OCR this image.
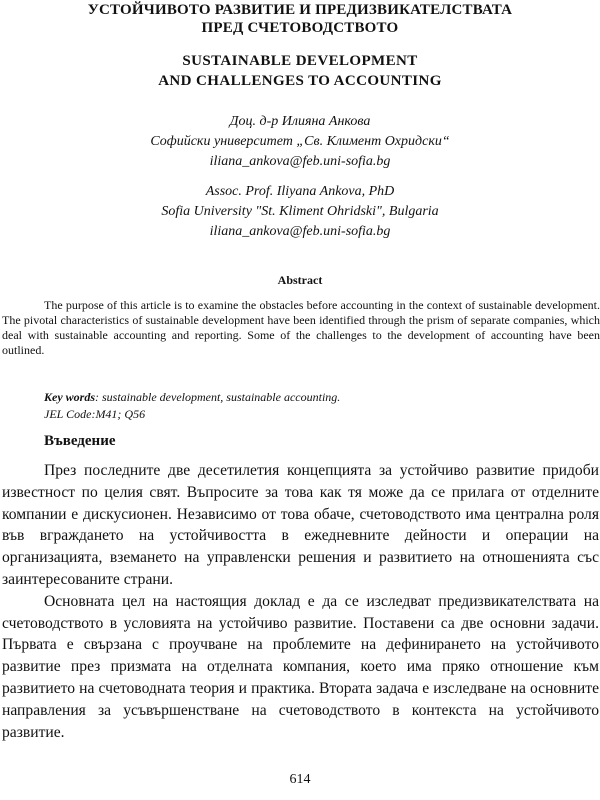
УСТОЙЧИВОТО РАЗВИТИЕ И ПРЕДИЗВИКАТЕЛСТВАТА
ПРЕД СЧЕТОВОДСТВОТО
SUSTAINABLE DEVELOPMENT
AND CHALLENGES TO ACCOUNTING
Доц. д-р Илияна Анкова
Софийски университет „Св. Климент Охридски“
iliana_ankova@feb.uni-sofia.bg
Assoc. Prof. Iliyana Ankova, PhD
Sofia University "St. Kliment Ohridski", Bulgaria
iliana_ankova@feb.uni-sofia.bg
Abstract

The purpose of this article is to examine the obstacles before accounting in the context of sustainable development. The pivotal characteristics of sustainable development have been identified through the prism of separate companies, which deal with sustainable accounting and reporting. Some of the challenges to the development of accounting have been outlined.

Key words: sustainable development, sustainable accounting.
JEL Code:M41; Q56
Въведение

През последните две десетилетия концепцията за устойчиво развитие придоби известност по целия свят. Въпросите за това как тя може да се прилага от отделните компании е дискусионен. Независимо от това обаче, счетоводството има централна роля във вграждането на устойчивостта в ежедневните дейности и операции на организацията, вземането на управленски решения и развитието на отношенията със заинтересованите страни.

Основната цел на настоящия доклад е да се изследват предизвикателствата на счетоводството в условията на устойчиво развитие. Поставени са две основни задачи. Първата е свързана с проучване на проблемите на дефинирането на устойчивото развитие през призмата на отделната компания, което има пряко отношение към развитието на счетоводната теория и практика. Втората задача е изследване на основните направления за усъвършенстване на счетоводството в контекста на устойчивото развитие.

614
